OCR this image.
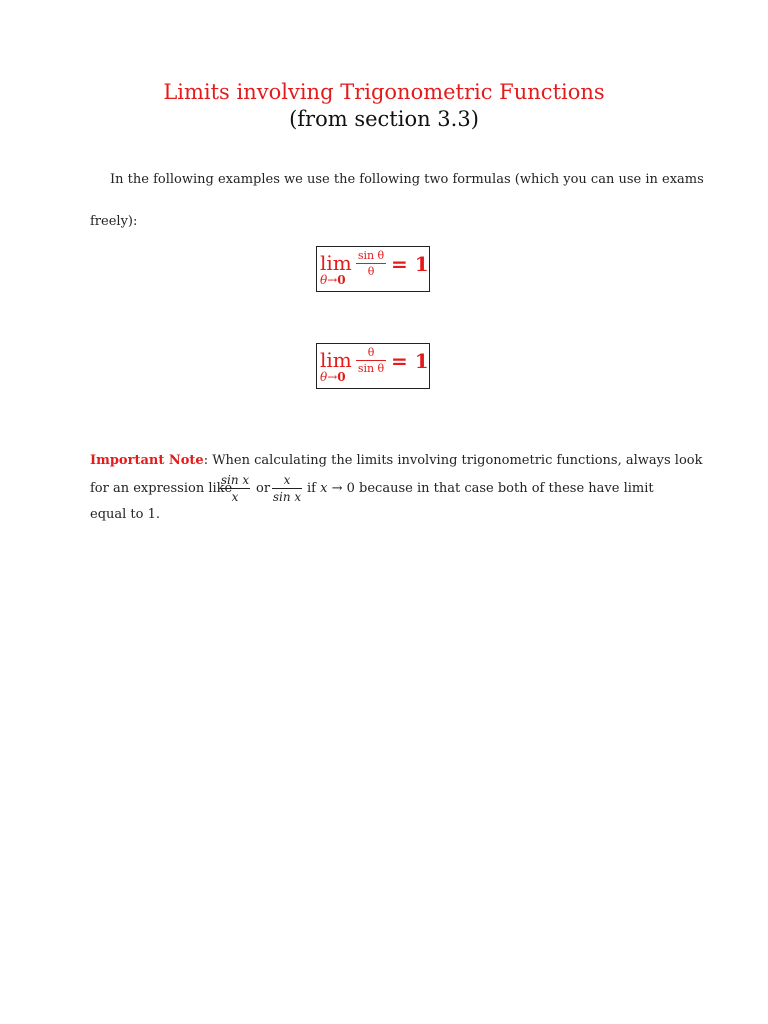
Limits involving Trigonometric Functions
(from section 3.3)
In the following examples we use the following two formulas (which you can use in exams
freely):
lim
θ→0
sin θ
θ = 1
lim
θ→0
θ
sin θ = 1
Important Note: When calculating the limits involving trigonometric functions, always look
for an expression like
sin x
x
or
x
sin x
if x → 0 because in that case both of these have limit
equal to 1.
